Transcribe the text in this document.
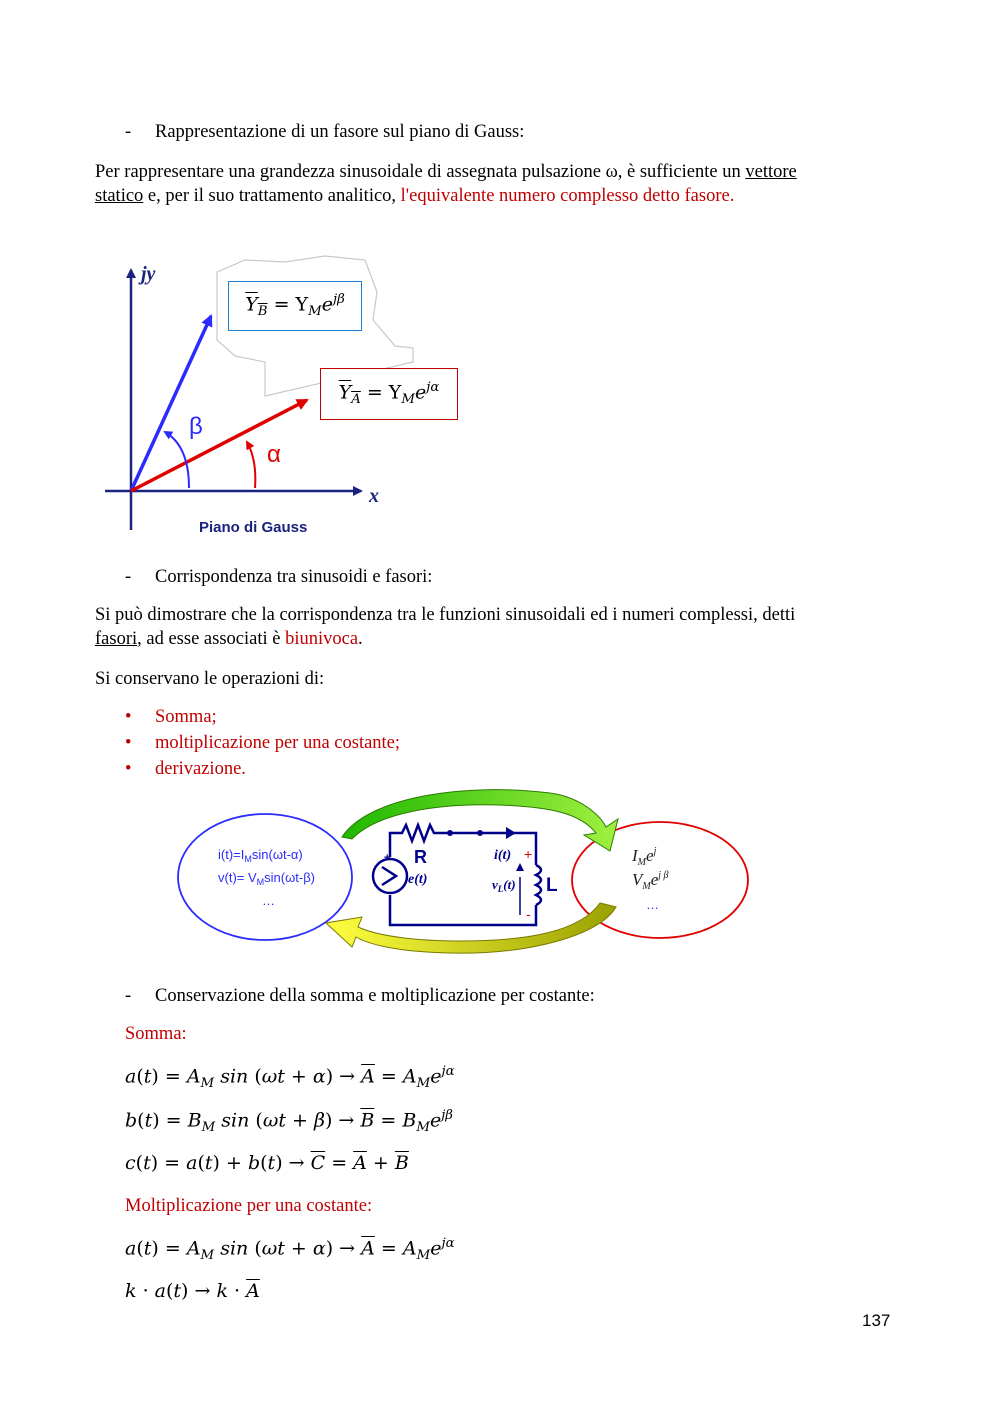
- Rappresentazione di un fasore sul piano di Gauss:
Per rappresentare una grandezza sinusoidale di assegnata pulsazione ω, è sufficiente un vettore
statico e, per il suo trattamento analitico, l'equivalente numero complesso detto fasore.
jy
x
β
α
Piano di Gauss
$\overline{Y}_{\overline{B}} = Y_Me^{j\beta}$
$\overline{Y}_{\overline{A}} = Y_Me^{j\alpha}$
- Corrispondenza tra sinusoidi e fasori:
Si può dimostrare che la corrispondenza tra le funzioni sinusoidali ed i numeri complessi, detti
fasori, ad esse associati è biunivoca.
Si conservano le operazioni di:
• Somma;
• moltiplicazione per una costante;
• derivazione.
R
L
e(t)
i(t)
$v_L(t)$
+
-
+
$i(t)=I_M\sin(\omega t-\alpha)$
$v(t)= V_M\sin(\omega t-\beta)$
…
$I_Me^j$
$V_Me^{j \beta}$
…
- Conservazione della somma e moltiplicazione per costante:
Somma:
$a(t) = A_M$ $\sin (\omega t + \alpha) \to \overline{A} = A_Me^{j\alpha}$
$b(t) = B_M$ $\sin (\omega t + \beta) \to \overline{B} = B_Me^{j\beta}$
$c(t) = a(t) + b(t) \to \overline{C} = \overline{A} + \overline{B}$
Moltiplicazione per una costante:
$a(t) = A_M$ $\sin (\omega t + \alpha) \to \overline{A} = A_Me^{j\alpha}$
$k \cdot a(t) \to k \cdot \overline{A}$
137
